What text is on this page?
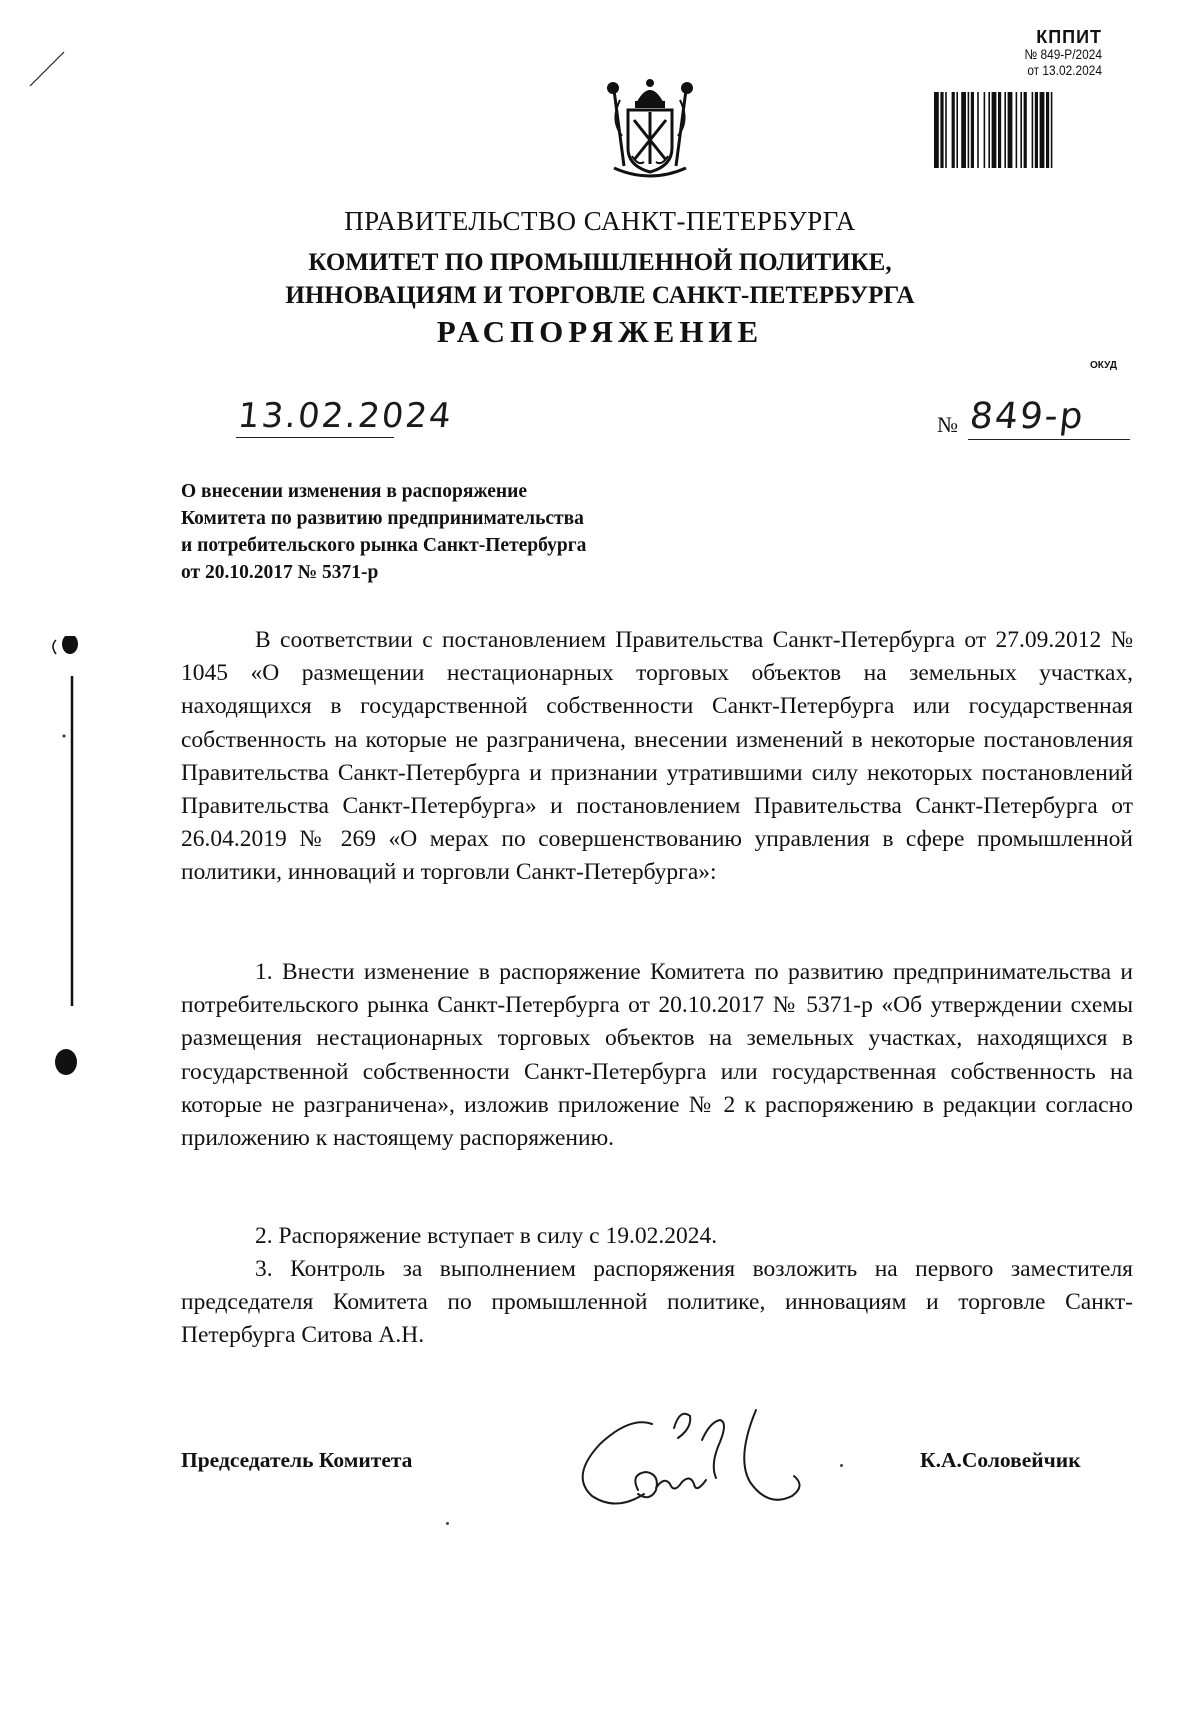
КППИТ
№ 849-Р/2024
от 13.02.2024
ПРАВИТЕЛЬСТВО САНКТ-ПЕТЕРБУРГА
КОМИТЕТ ПО ПРОМЫШЛЕННОЙ ПОЛИТИКЕ,
ИННОВАЦИЯМ И ТОРГОВЛЕ САНКТ-ПЕТЕРБУРГА
РАСПОРЯЖЕНИЕ
ОКУД
13.02.2024	№ 849-р
О внесении изменения в распоряжение
Комитета по развитию предпринимательства
и потребительского рынка Санкт-Петербурга
от 20.10.2017 № 5371-р
В соответствии с постановлением Правительства Санкт-Петербурга от 27.09.2012 № 1045 «О размещении нестационарных торговых объектов на земельных участках, находящихся в государственной собственности Санкт-Петербурга или государственная собственность на которые не разграничена, внесении изменений в некоторые постановления Правительства Санкт-Петербурга и признании утратившими силу некоторых постановлений Правительства Санкт-Петербурга» и постановлением Правительства Санкт-Петербурга от 26.04.2019 № 269 «О мерах по совершенствованию управления в сфере промышленной политики, инноваций и торговли Санкт-Петербурга»:
1. Внести изменение в распоряжение Комитета по развитию предпринимательства и потребительского рынка Санкт-Петербурга от 20.10.2017 № 5371-р «Об утверждении схемы размещения нестационарных торговых объектов на земельных участках, находящихся в государственной собственности Санкт-Петербурга или государственная собственность на которые не разграничена», изложив приложение № 2 к распоряжению в редакции согласно приложению к настоящему распоряжению.
2. Распоряжение вступает в силу с 19.02.2024.
3. Контроль за выполнением распоряжения возложить на первого заместителя председателя Комитета по промышленной политике, инновациям и торговле Санкт-Петербурга Ситова А.Н.
Председатель Комитета	К.А.Соловейчик
